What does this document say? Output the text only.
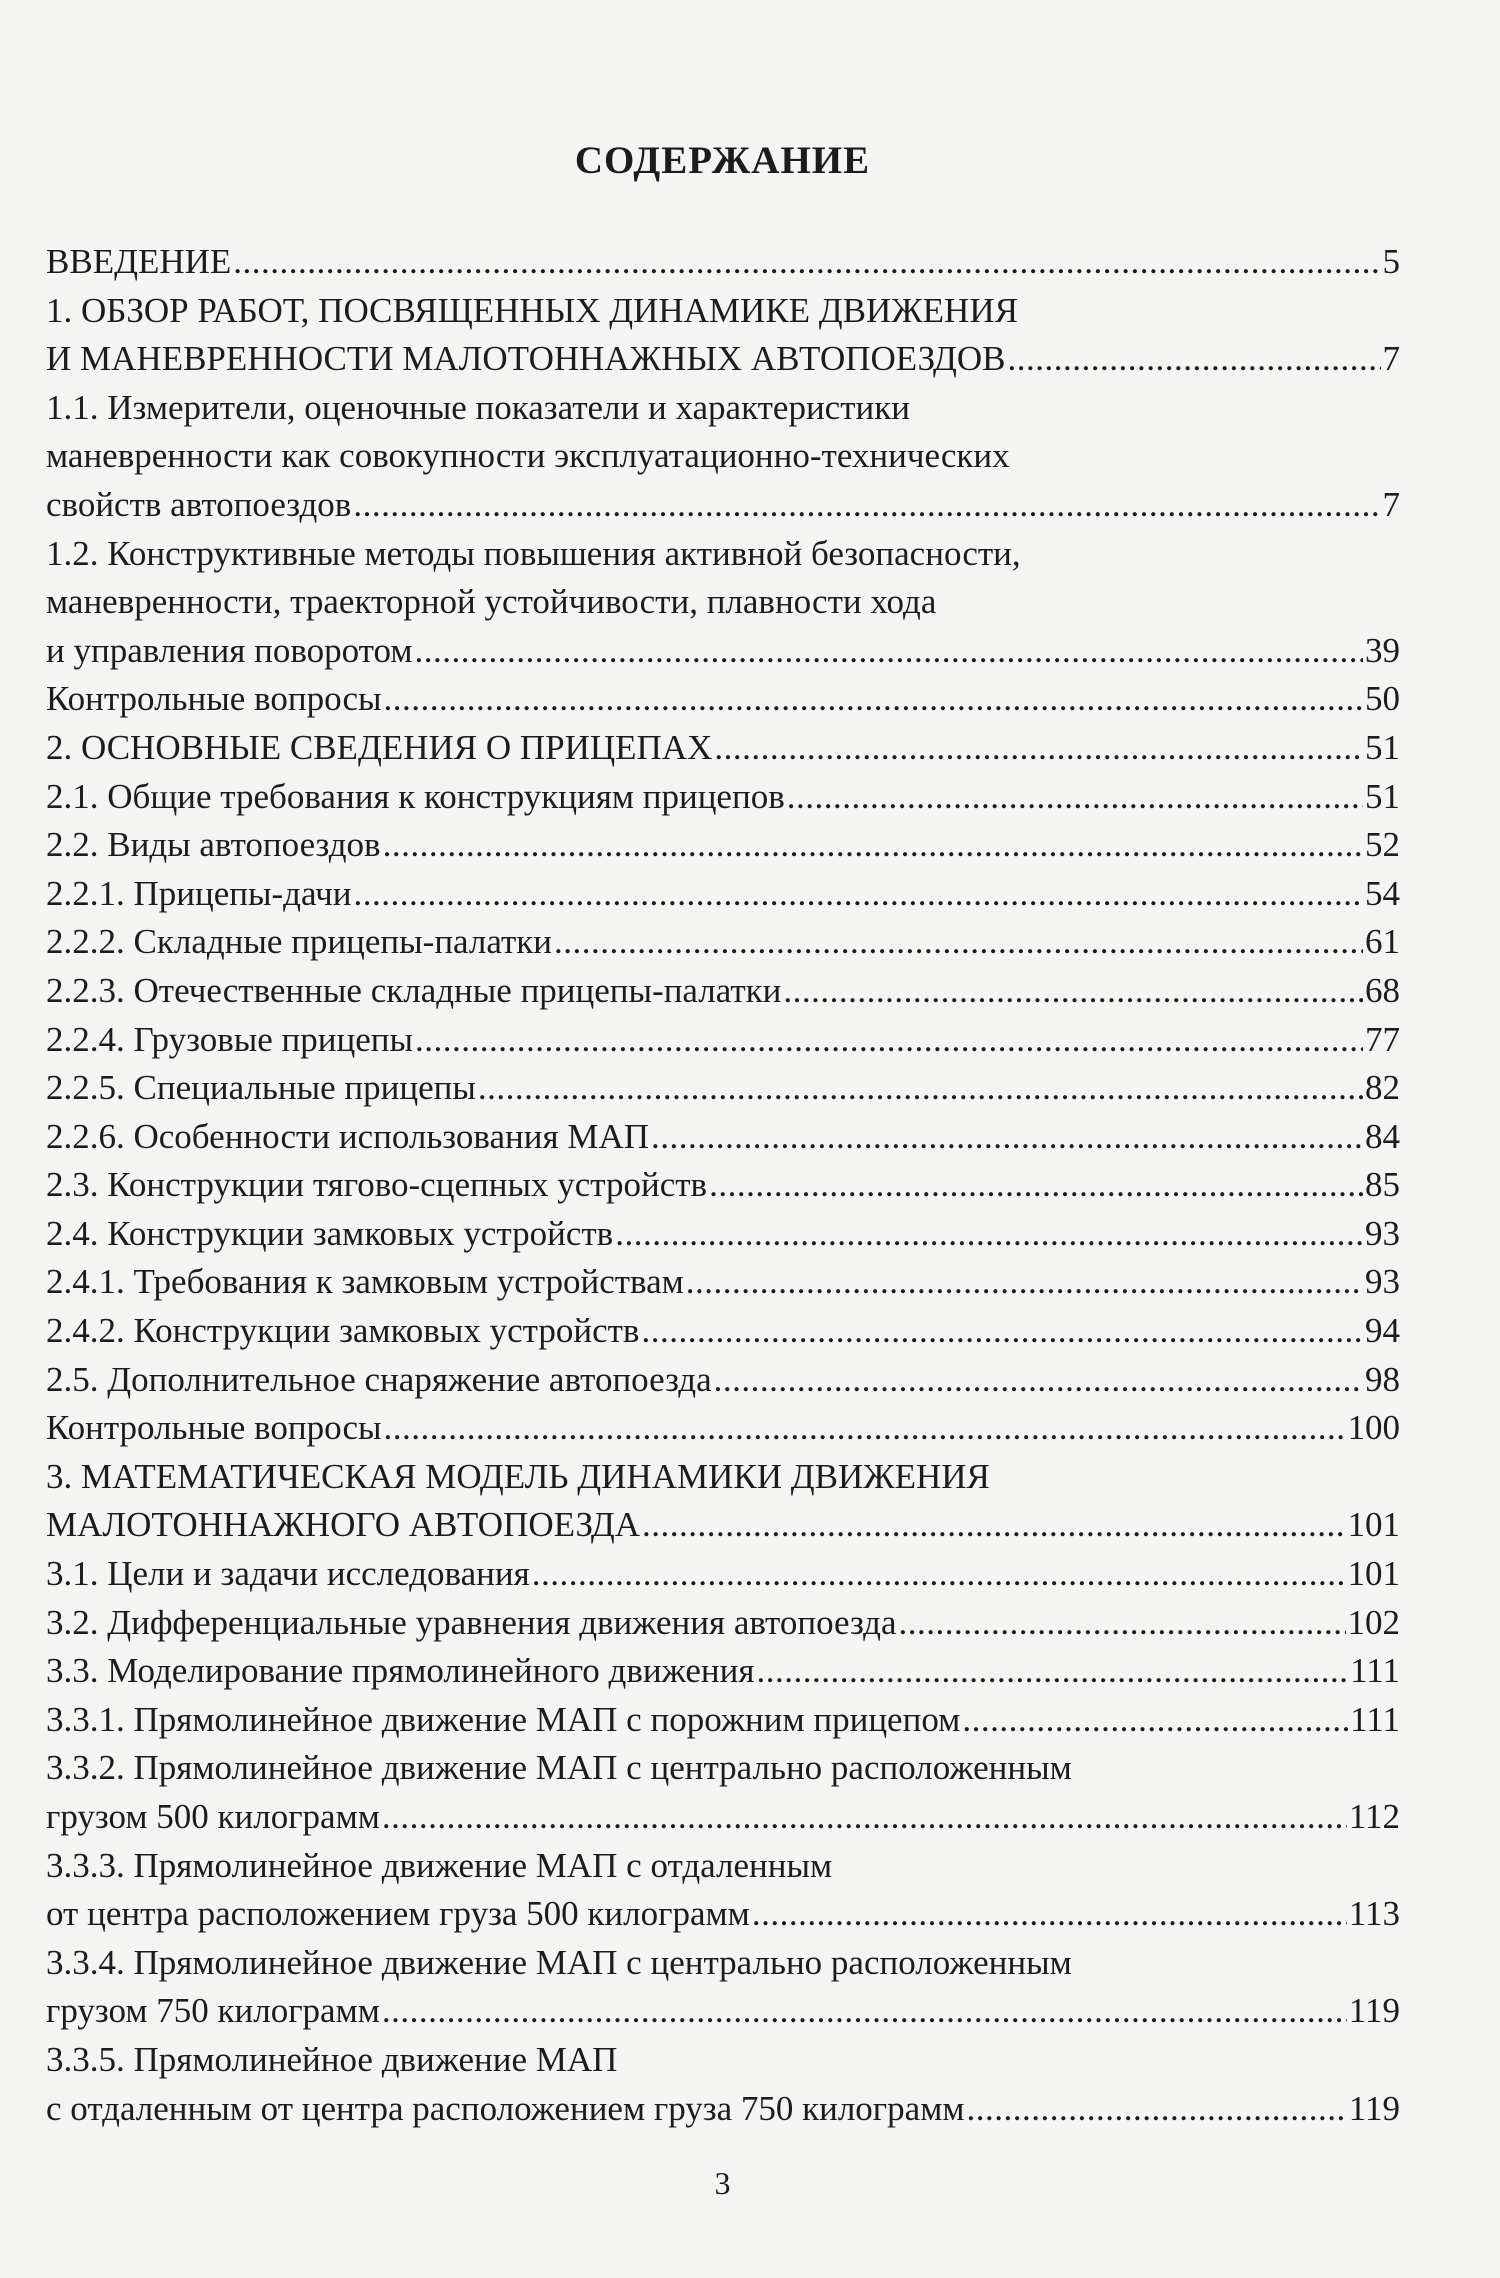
СОДЕРЖАНИЕ
ВВЕДЕНИЕ .....	5
1. ОБЗОР РАБОТ, ПОСВЯЩЕННЫХ ДИНАМИКЕ ДВИЖЕНИЯ
И МАНЕВРЕННОСТИ МАЛОТОННАЖНЫХ АВТОПОЕЗДОВ .....	7
1.1. Измерители, оценочные показатели и характеристики
маневренности как совокупности эксплуатационно-технических
свойств автопоездов .....	7
1.2. Конструктивные методы повышения активной безопасности,
маневренности, траекторной устойчивости, плавности хода
и управления поворотом .....	39
Контрольные вопросы .....	50
2. ОСНОВНЫЕ СВЕДЕНИЯ О ПРИЦЕПАХ .....	51
2.1. Общие требования к конструкциям прицепов .....	51
2.2. Виды автопоездов .....	52
2.2.1. Прицепы-дачи .....	54
2.2.2. Складные прицепы-палатки .....	61
2.2.3. Отечественные складные прицепы-палатки .....	68
2.2.4. Грузовые прицепы .....	77
2.2.5. Специальные прицепы .....	82
2.2.6. Особенности использования МАП .....	84
2.3. Конструкции тягово-сцепных устройств .....	85
2.4. Конструкции замковых устройств .....	93
2.4.1. Требования к замковым устройствам .....	93
2.4.2. Конструкции замковых устройств .....	94
2.5. Дополнительное снаряжение автопоезда .....	98
Контрольные вопросы .....	100
3. МАТЕМАТИЧЕСКАЯ МОДЕЛЬ ДИНАМИКИ ДВИЖЕНИЯ
МАЛОТОННАЖНОГО АВТОПОЕЗДА .....	101
3.1. Цели и задачи исследования .....	101
3.2. Дифференциальные уравнения движения автопоезда .....	102
3.3. Моделирование прямолинейного движения .....	111
3.3.1. Прямолинейное движение МАП с порожним прицепом .....	111
3.3.2. Прямолинейное движение МАП с центрально расположенным
грузом 500 килограмм .....	112
3.3.3. Прямолинейное движение МАП с отдаленным
от центра расположением груза 500 килограмм .....	113
3.3.4. Прямолинейное движение МАП с центрально расположенным
грузом 750 килограмм .....	119
3.3.5. Прямолинейное движение МАП
с отдаленным от центра расположением груза 750 килограмм .....	119
3
